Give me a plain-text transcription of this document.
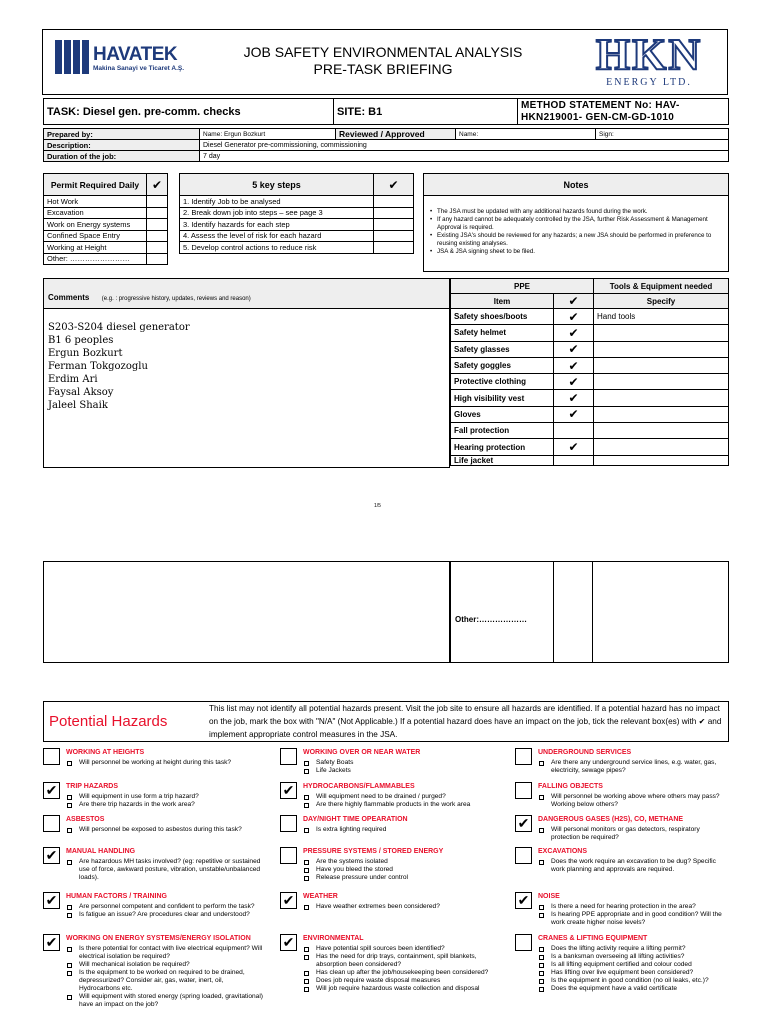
HAVATEK
Makina Sanayi ve Ticaret A.Ş.
JOB SAFETY ENVIRONMENTAL ANALYSIS
PRE-TASK BRIEFING	HKN
ENERGY LTD.
TASK: Diesel gen. pre-comm. checks	SITE: B1	METHOD STATEMENT No: HAV-HKN219001- GEN-CM-GD-1010
Prepared by:	Name: Ergun Bozkurt	Reviewed / Approved	Name:	Sign:
Description:	Diesel Generator pre-commissioning, commissioning			
Duration of the job:	7 day			
Permit Required Daily	✔
Hot Work	
Excavation	
Work on Energy systems	
Confined Space Entry	
Working at Height	
Other: ……………………	
5 key steps	✔
1. Identify Job to be analysed	
2. Break down job into steps – see page 3	
3. Identify hazards for each step	
4. Assess the level of risk for each hazard	
5. Develop control actions to reduce risk	
Notes
• The JSA must be updated with any additional hazards found during the work.
• If any hazard cannot be adequately controlled by the JSA, further Risk Assessment & Management Approval is required.
• Existing JSA's should be reviewed for any hazards; a new JSA should be performed in preference to reusing existing analyses.
• JSA & JSA signing sheet to be filed.
Comments (e.g. : progressive history, updates, reviews and reason)
S203-S204 diesel generator
B1 6 peoples
Ergun Bozkurt
Ferman Tokgozoglu
Erdim Ari
Faysal Aksoy
Jaleel Shaik
PPE		Tools & Equipment needed
Item	✔	Specify
Safety shoes/boots	✔	Hand tools
Safety helmet	✔	
Safety glasses	✔	
Safety goggles	✔	
Protective clothing	✔	
High visibility vest	✔	
Gloves	✔	
Fall protection		
Hearing protection	✔	
Life jacket		
1/5
Other:………………
Potential Hazards
This list may not identify all potential hazards present. Visit the job site to ensure all hazards are identified. If a potential hazard has no impact on the job, mark the box with "N/A" (Not Applicable.) If a potential hazard does have an impact on the job, tick the relevant box(es) with ✔ and implement appropriate control measures in the JSA.
WORKING AT HEIGHTS
Will personnel be working at height during this task?
✔	TRIP HAZARDS
Will equipment in use form a trip hazard?
Are there trip hazards in the work area?
ASBESTOS
Will personnel be exposed to asbestos during this task?
✔	MANUAL HANDLING
Are hazardous MH tasks involved? (eg: repetitive or sustained use of force, awkward posture, vibration, unstable/unbalanced loads).
✔	HUMAN FACTORS / TRAINING
Are personnel competent and confident to perform the task?
Is fatigue an issue? Are procedures clear and understood?
✔	WORKING ON ENERGY SYSTEMS/ENERGY ISOLATION
Is there potential for contact with live electrical equipment? Will electrical isolation be required?
Will mechanical isolation be required?
Is the equipment to be worked on required to be drained, depressurized? Consider air, gas, water, inert, oil, Hydrocarbons etc.
Will equipment with stored energy (spring loaded, gravitational) have an impact on the job?
WORKING OVER OR NEAR WATER
Safety Boats
Life Jackets
✔	HYDROCARBONS/FLAMMABLES
Will equipment need to be drained / purged?
Are there highly flammable products in the work area
DAY/NIGHT TIME OPEARATION
Is extra lighting required
PRESSURE SYSTEMS / STORED ENERGY
Are the systems isolated
Have you bleed the stored
Release pressure under control
✔	WEATHER
Have weather extremes been considered?
✔	ENVIRONMENTAL
Have potential spill sources been identified?
Has the need for drip trays, containment, spill blankets, absorption been considered?
Has clean up after the job/housekeeping been considered?
Does job require waste disposal measures
Will job require hazardous waste collection and disposal
UNDERGROUND SERVICES
Are there any underground service lines, e.g. water, gas, electricity, sewage pipes?
FALLING OBJECTS
Will personnel be working above where others may pass? Working below others?
✔	DANGEROUS GASES (H2S), CO, METHANE
Will personal monitors or gas detectors, respiratory protection be required?
EXCAVATIONS
Does the work require an excavation to be dug? Specific work planning and approvals are required.
✔	NOISE
Is there a need for hearing protection in the area?
Is hearing PPE appropriate and in good condition? Will the work create higher noise levels?
CRANES & LIFTING EQUIPMENT
Does the lifting activity require a lifting permit?
Is a banksman overseeing all lifting activities?
Is all lifting equipment certified and colour coded
Has lifting over live equipment been considered?
Is the equipment in good condition (no oil leaks, etc.)?
Does the equipment have a valid certificate
